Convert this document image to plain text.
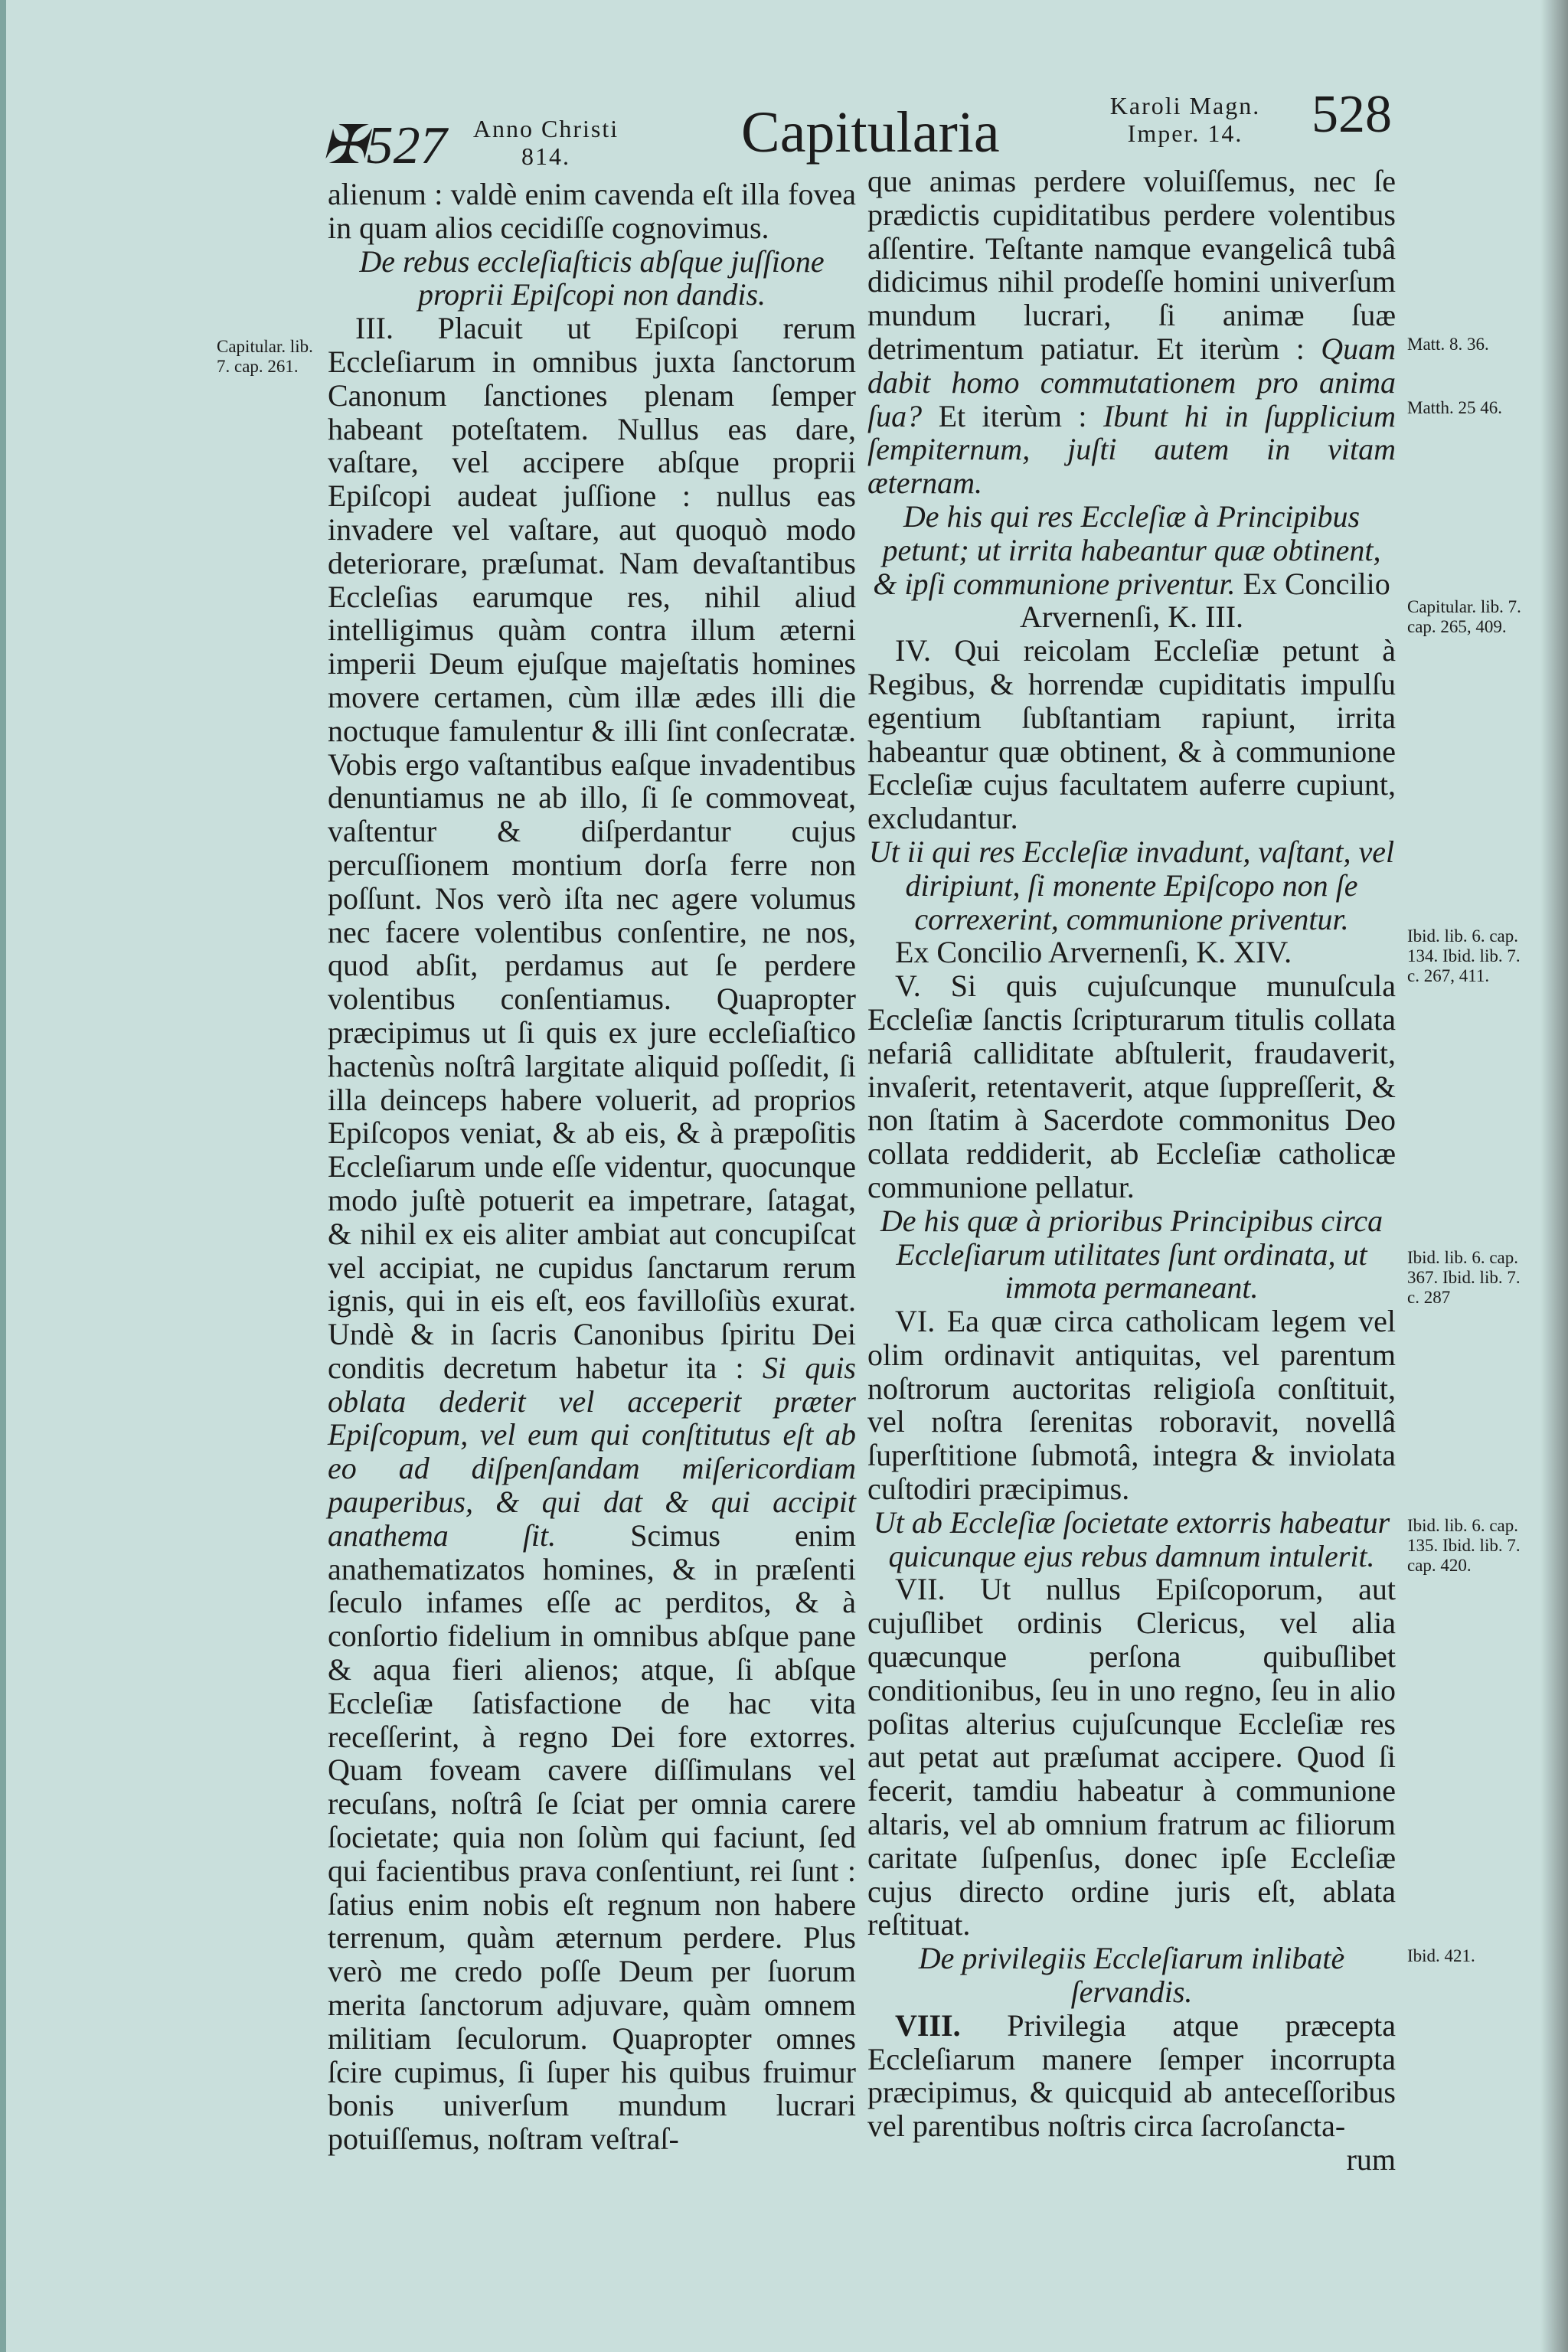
✠527	Anno Christi
814.	Capitularia	Karoli Magn.
Imper. 14.	528

alienum : valdè enim cavenda eſt illa fovea in quam alios cecidiſſe cognovimus.

De rebus eccleſiaſticis abſque juſſione proprii Epiſcopi non dandis.

III. Placuit ut Epiſcopi rerum Eccleſiarum in omnibus juxta ſanctorum Canonum ſanctiones plenam ſemper habeant poteſtatem. Nullus eas dare, vaſtare, vel accipere abſque proprii Epiſcopi audeat juſſione : nullus eas invadere vel vaſtare, aut quoquò modo deteriorare, præſumat. Nam devaſtantibus Eccleſias earumque res, nihil aliud intelligimus quàm contra illum æterni imperii Deum ejuſque majeſtatis homines movere certamen, cùm illæ ædes illi die noctuque famulentur & illi ſint conſecratæ. Vobis ergo vaſtantibus eaſque invadentibus denuntiamus ne ab illo, ſi ſe commoveat, vaſtentur & diſperdantur cujus percuſſionem montium dorſa ferre non poſſunt. Nos verò iſta nec agere volumus nec facere volentibus conſentire, ne nos, quod abſit, perdamus aut ſe perdere volentibus conſentiamus. Quapropter præcipimus ut ſi quis ex jure eccleſiaſtico hactenùs noſtrâ largitate aliquid poſſedit, ſi illa deinceps habere voluerit, ad proprios Epiſcopos veniat, & ab eis, & à præpoſitis Eccleſiarum unde eſſe videntur, quocunque modo juſtè potuerit ea impetrare, ſatagat, & nihil ex eis aliter ambiat aut concupiſcat vel accipiat, ne cupidus ſanctarum rerum ignis, qui in eis eſt, eos favilloſiùs exurat. Undè & in ſacris Canonibus ſpiritu Dei conditis decretum habetur ita : Si quis oblata dederit vel acceperit præter Epiſcopum, vel eum qui conſtitutus eſt ab eo ad diſpenſandam miſericordiam pauperibus, & qui dat & qui accipit anathema ſit. Scimus enim anathematizatos homines, & in præſenti ſeculo infames eſſe ac perditos, & à conſortio fidelium in omnibus abſque pane & aqua fieri alienos; atque, ſi abſque Eccleſiæ ſatisfactione de hac vita receſſerint, à regno Dei fore extorres. Quam foveam cavere diſſimulans vel recuſans, noſtrâ ſe ſciat per omnia carere ſocietate; quia non ſolùm qui faciunt, ſed qui facientibus prava conſentiunt, rei ſunt : ſatius enim nobis eſt regnum non habere terrenum, quàm æternum perdere. Plus verò me credo poſſe Deum per ſuorum merita ſanctorum adjuvare, quàm omnem militiam ſeculorum. Quapropter omnes ſcire cupimus, ſi ſuper his quibus fruimur bonis univerſum mundum lucrari potuiſſemus, noſtram veſtraſ-

que animas perdere voluiſſemus, nec ſe prædictis cupiditatibus perdere volentibus aſſentire. Teſtante namque evangelicâ tubâ didicimus nihil prodeſſe homini univerſum mundum lucrari, ſi animæ ſuæ detrimentum patiatur. Et iterùm : Quam dabit homo commutationem pro anima ſua? Et iterùm : Ibunt hi in ſupplicium ſempiternum, juſti autem in vitam æternam.

De his qui res Eccleſiæ à Principibus petunt; ut irrita habeantur quæ obtinent, & ipſi communione priventur. Ex Concilio Arvernenſi, K. III.

IV. Qui reicolam Eccleſiæ petunt à Regibus, & horrendæ cupiditatis impulſu egentium ſubſtantiam rapiunt, irrita habeantur quæ obtinent, & à communione Eccleſiæ cujus facultatem auferre cupiunt, excludantur.

Ut ii qui res Eccleſiæ invadunt, vaſtant, vel diripiunt, ſi monente Epiſcopo non ſe correxerint, communione priventur.

Ex Concilio Arvernenſi, K. XIV.

V. Si quis cujuſcunque munuſcula Eccleſiæ ſanctis ſcripturarum titulis collata nefariâ calliditate abſtulerit, fraudaverit, invaſerit, retentaverit, atque ſuppreſſerit, & non ſtatim à Sacerdote commonitus Deo collata reddiderit, ab Eccleſiæ catholicæ communione pellatur.

De his quæ à prioribus Principibus circa Eccleſiarum utilitates ſunt ordinata, ut immota permaneant.

VI. Ea quæ circa catholicam legem vel olim ordinavit antiquitas, vel parentum noſtrorum auctoritas religioſa conſtituit, vel noſtra ſerenitas roboravit, novellâ ſuperſtitione ſubmotâ, integra & inviolata cuſtodiri præcipimus.

Ut ab Eccleſiæ ſocietate extorris habeatur quicunque ejus rebus damnum intulerit.

VII. Ut nullus Epiſcoporum, aut cujuſlibet ordinis Clericus, vel alia quæcunque perſona quibuſlibet conditionibus, ſeu in uno regno, ſeu in alio poſitas alterius cujuſcunque Eccleſiæ res aut petat aut præſumat accipere. Quod ſi fecerit, tamdiu habeatur à communione altaris, vel ab omnium fratrum ac filiorum caritate ſuſpenſus, donec ipſe Eccleſiæ cujus directo ordine juris eſt, ablata reſtituat.

De privilegiis Eccleſiarum inlibatè ſervandis.

VIII. Privilegia atque præcepta Eccleſiarum manere ſemper incorrupta præcipimus, & quicquid ab anteceſſoribus vel parentibus noſtris circa ſacroſancta-

rum

Capitular. lib. 7. cap. 261.
Matt. 8. 36.
Matth. 25 46.
Capitular. lib. 7. cap. 265, 409.
Ibid. lib. 6. cap. 134. Ibid. lib. 7. c. 267, 411.
Ibid. lib. 6. cap. 367. Ibid. lib. 7. c. 287
Ibid. lib. 6. cap. 135. Ibid. lib. 7. cap. 420.
Ibid. 421.
